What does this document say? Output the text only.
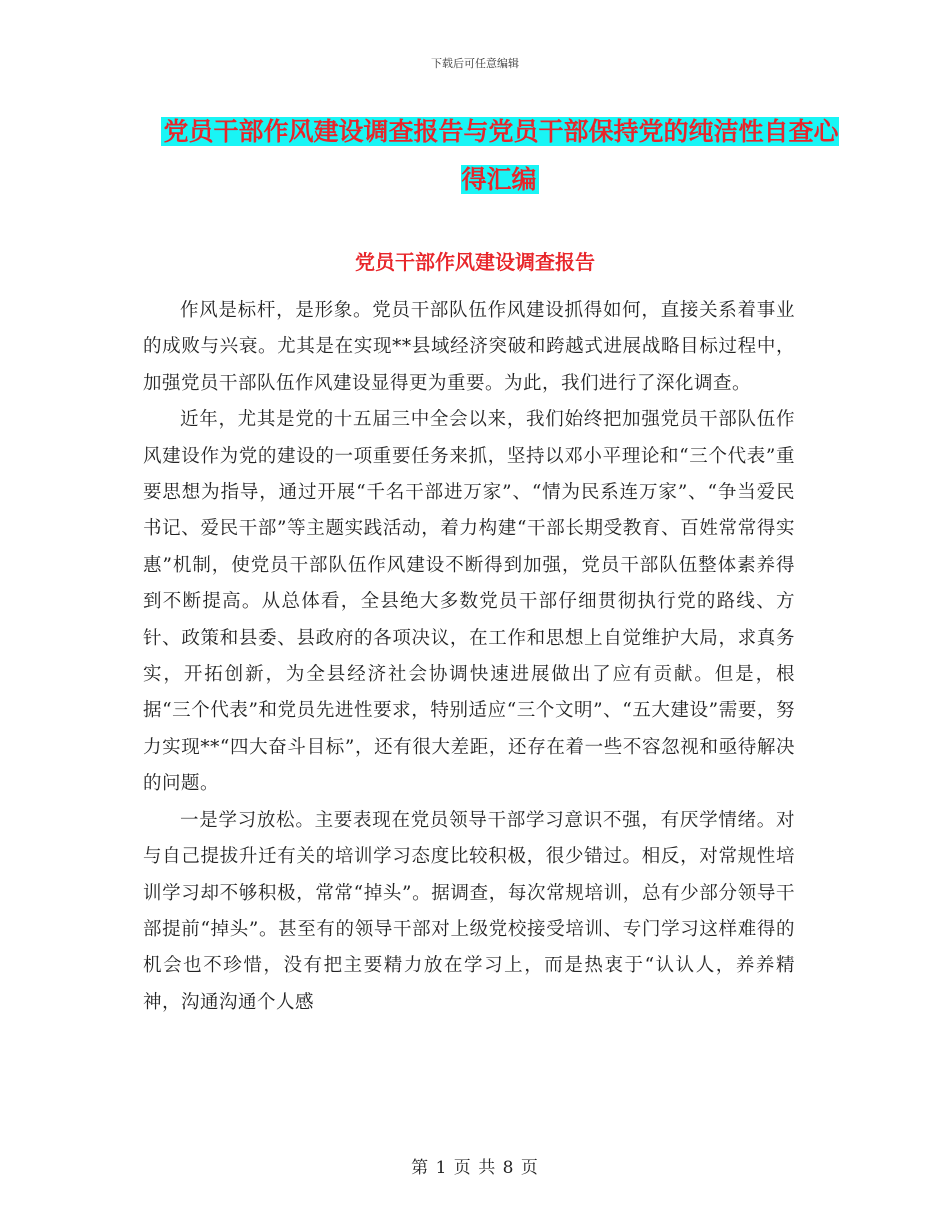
下载后可任意编辑
党员干部作风建设调查报告与党员干部保持党的纯洁性自查心得汇编
党员干部作风建设调查报告

作风是标杆，是形象。党员干部队伍作风建设抓得如何，直接关系着事业的成败与兴衰。尤其是在实现**县域经济突破和跨越式进展战略目标过程中，加强党员干部队伍作风建设显得更为重要。为此，我们进行了深化调查。

近年，尤其是党的十五届三中全会以来，我们始终把加强党员干部队伍作风建设作为党的建设的一项重要任务来抓，坚持以邓小平理论和“三个代表”重要思想为指导，通过开展“千名干部进万家”、“情为民系连万家”、“争当爱民书记、爱民干部”等主题实践活动，着力构建“干部长期受教育、百姓常常得实惠”机制，使党员干部队伍作风建设不断得到加强，党员干部队伍整体素养得到不断提高。从总体看，全县绝大多数党员干部仔细贯彻执行党的路线、方针、政策和县委、县政府的各项决议，在工作和思想上自觉维护大局，求真务实，开拓创新，为全县经济社会协调快速进展做出了应有贡献。但是，根据“三个代表”和党员先进性要求，特别适应“三个文明”、“五大建设”需要，努力实现**“四大奋斗目标”，还有很大差距，还存在着一些不容忽视和亟待解决的问题。

一是学习放松。主要表现在党员领导干部学习意识不强，有厌学情绪。对与自己提拔升迁有关的培训学习态度比较积极，很少错过。相反，对常规性培训学习却不够积极，常常“掉头”。据调查，每次常规培训，总有少部分领导干部提前“掉头”。甚至有的领导干部对上级党校接受培训、专门学习这样难得的机会也不珍惜，没有把主要精力放在学习上，而是热衷于“认认人，养养精神，沟通沟通个人感

第 1 页 共 8 页
